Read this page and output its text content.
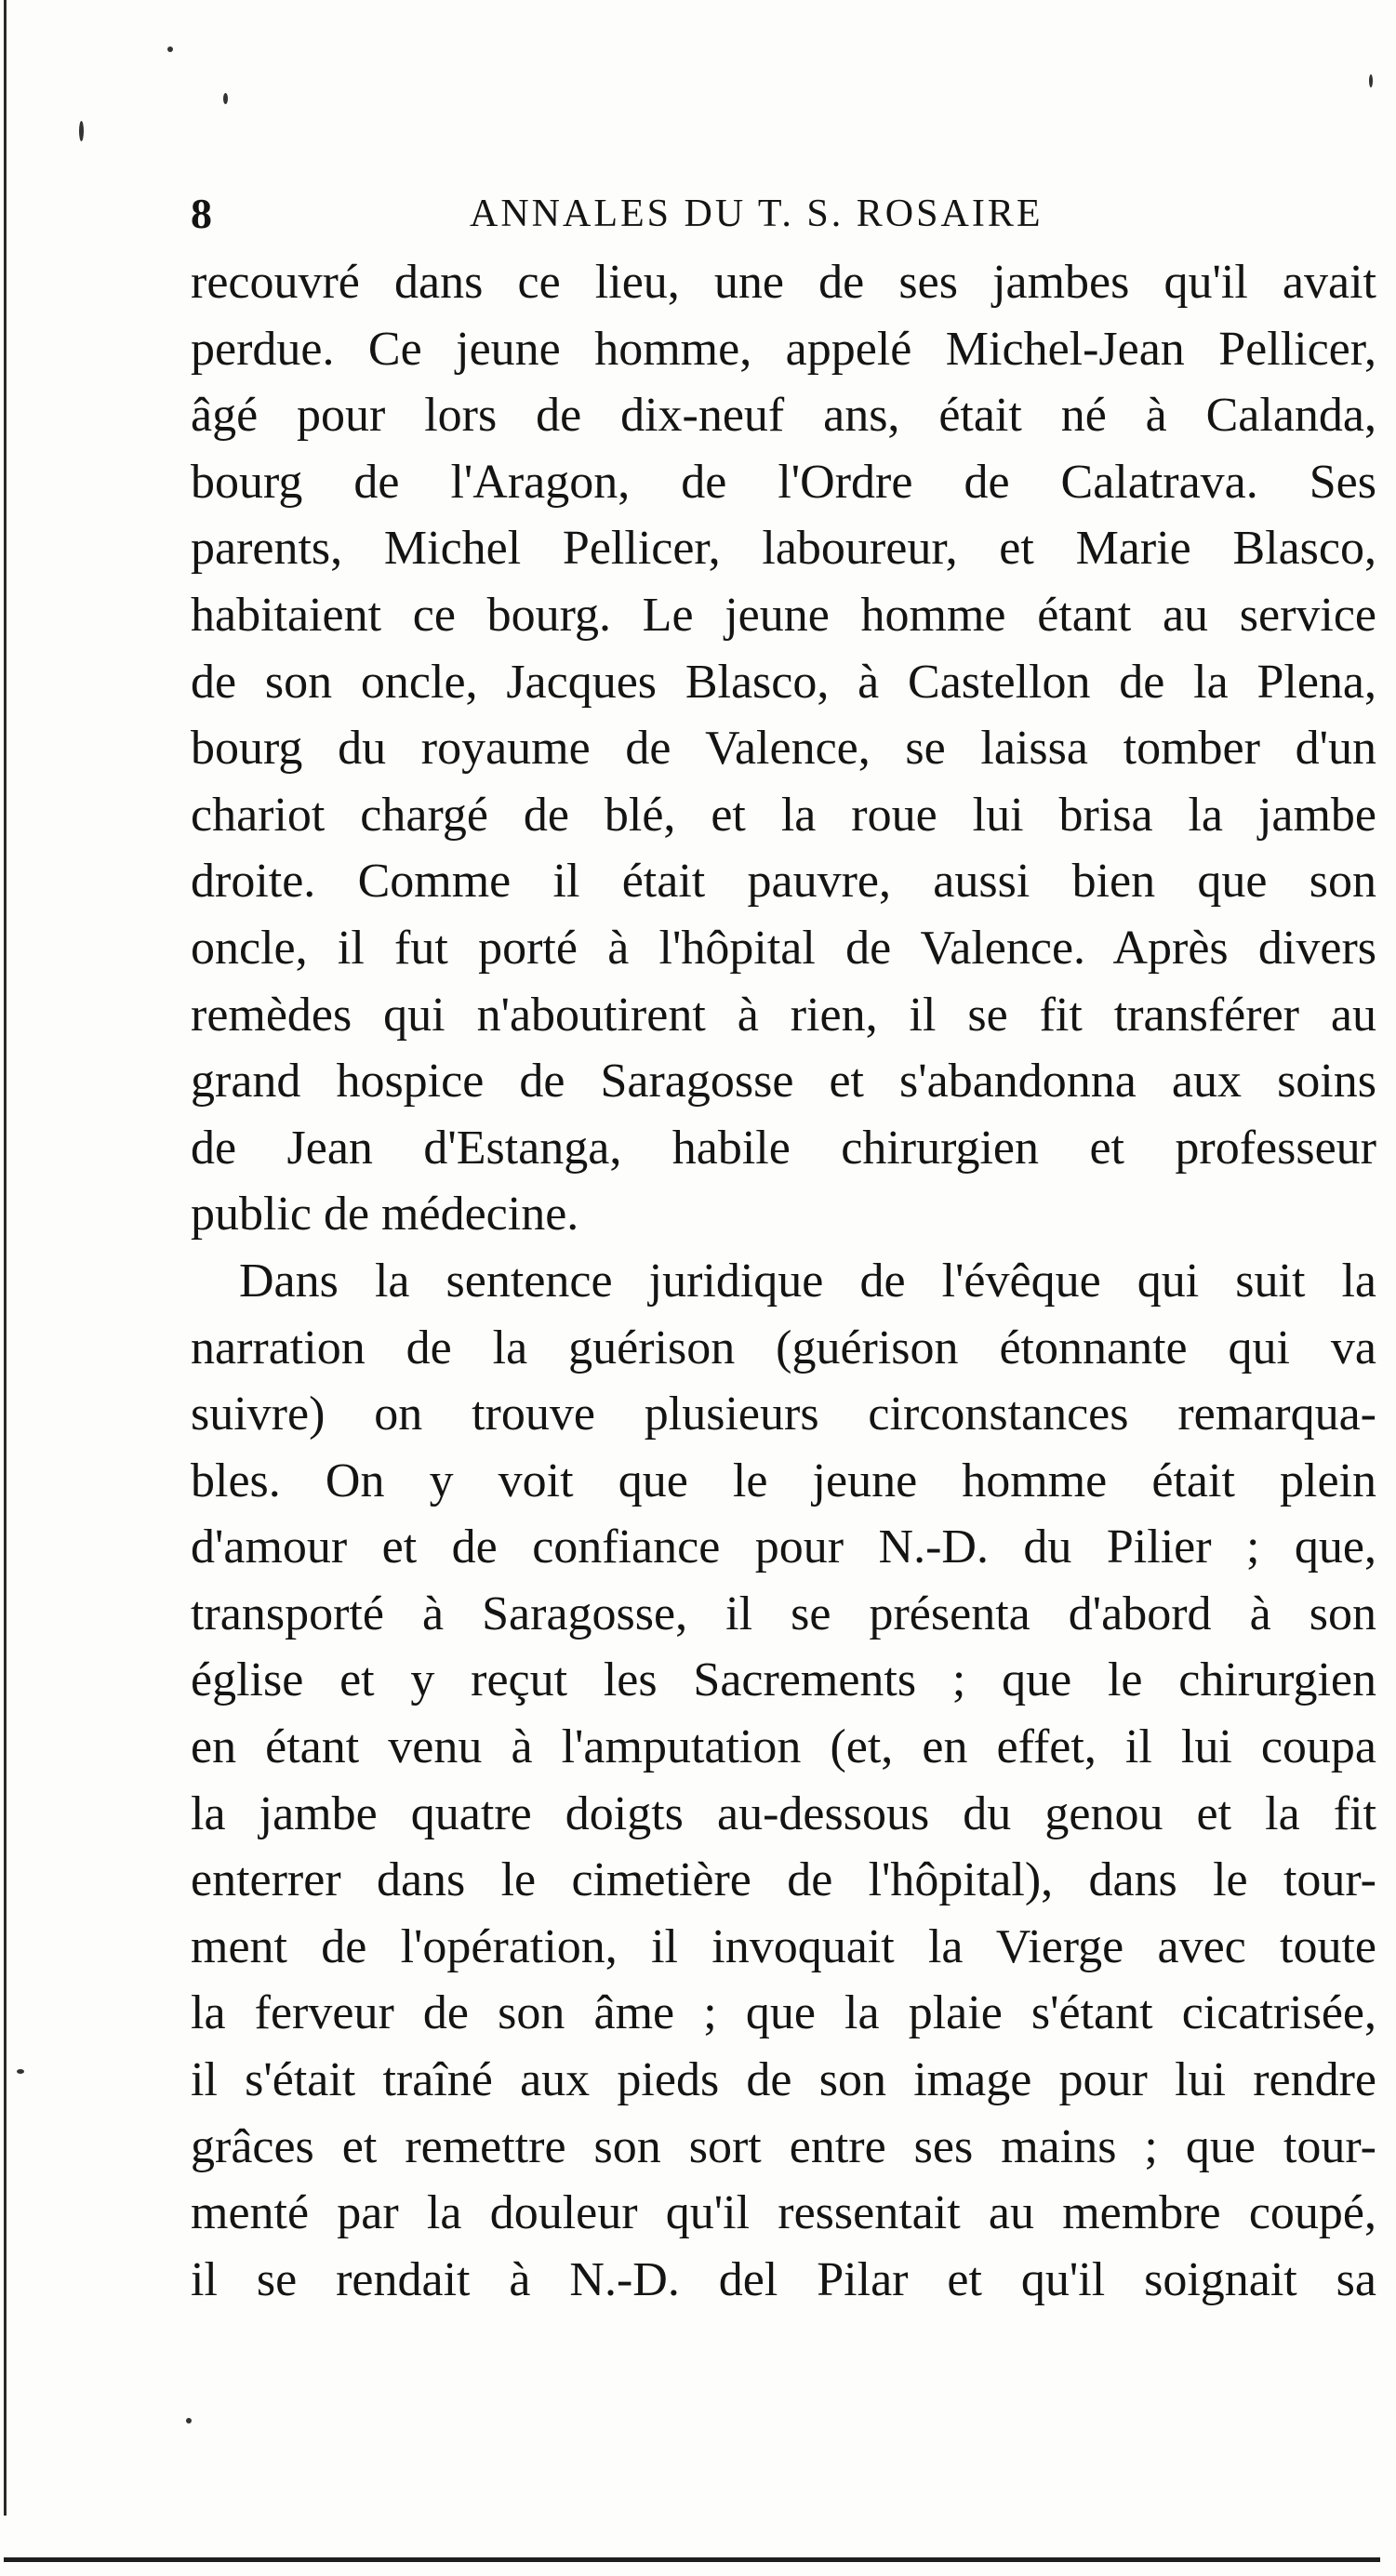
8	ANNALES DU T. S. ROSAIRE
recouvré dans ce lieu, une de ses jambes qu'il avait
perdue. Ce jeune homme, appelé Michel-Jean Pellicer,
âgé pour lors de dix-neuf ans, était né à Calanda,
bourg de l'Aragon, de l'Ordre de Calatrava. Ses
parents, Michel Pellicer, laboureur, et Marie Blasco,
habitaient ce bourg. Le jeune homme étant au service
de son oncle, Jacques Blasco, à Castellon de la Plena,
bourg du royaume de Valence, se laissa tomber d'un
chariot chargé de blé, et la roue lui brisa la jambe
droite. Comme il était pauvre, aussi bien que son
oncle, il fut porté à l'hôpital de Valence. Après divers
remèdes qui n'aboutirent à rien, il se fit transférer au
grand hospice de Saragosse et s'abandonna aux soins
de Jean d'Estanga, habile chirurgien et professeur
public de médecine.
Dans la sentence juridique de l'évêque qui suit la
narration de la guérison (guérison étonnante qui va
suivre) on trouve plusieurs circonstances remarqua-
bles. On y voit que le jeune homme était plein
d'amour et de confiance pour N.-D. du Pilier ; que,
transporté à Saragosse, il se présenta d'abord à son
église et y reçut les Sacrements ; que le chirurgien
en étant venu à l'amputation (et, en effet, il lui coupa
la jambe quatre doigts au-dessous du genou et la fit
enterrer dans le cimetière de l'hôpital), dans le tour-
ment de l'opération, il invoquait la Vierge avec toute
la ferveur de son âme ; que la plaie s'étant cicatrisée,
il s'était traîné aux pieds de son image pour lui rendre
grâces et remettre son sort entre ses mains ; que tour-
menté par la douleur qu'il ressentait au membre coupé,
il se rendait à N.-D. del Pilar et qu'il soignait sa
